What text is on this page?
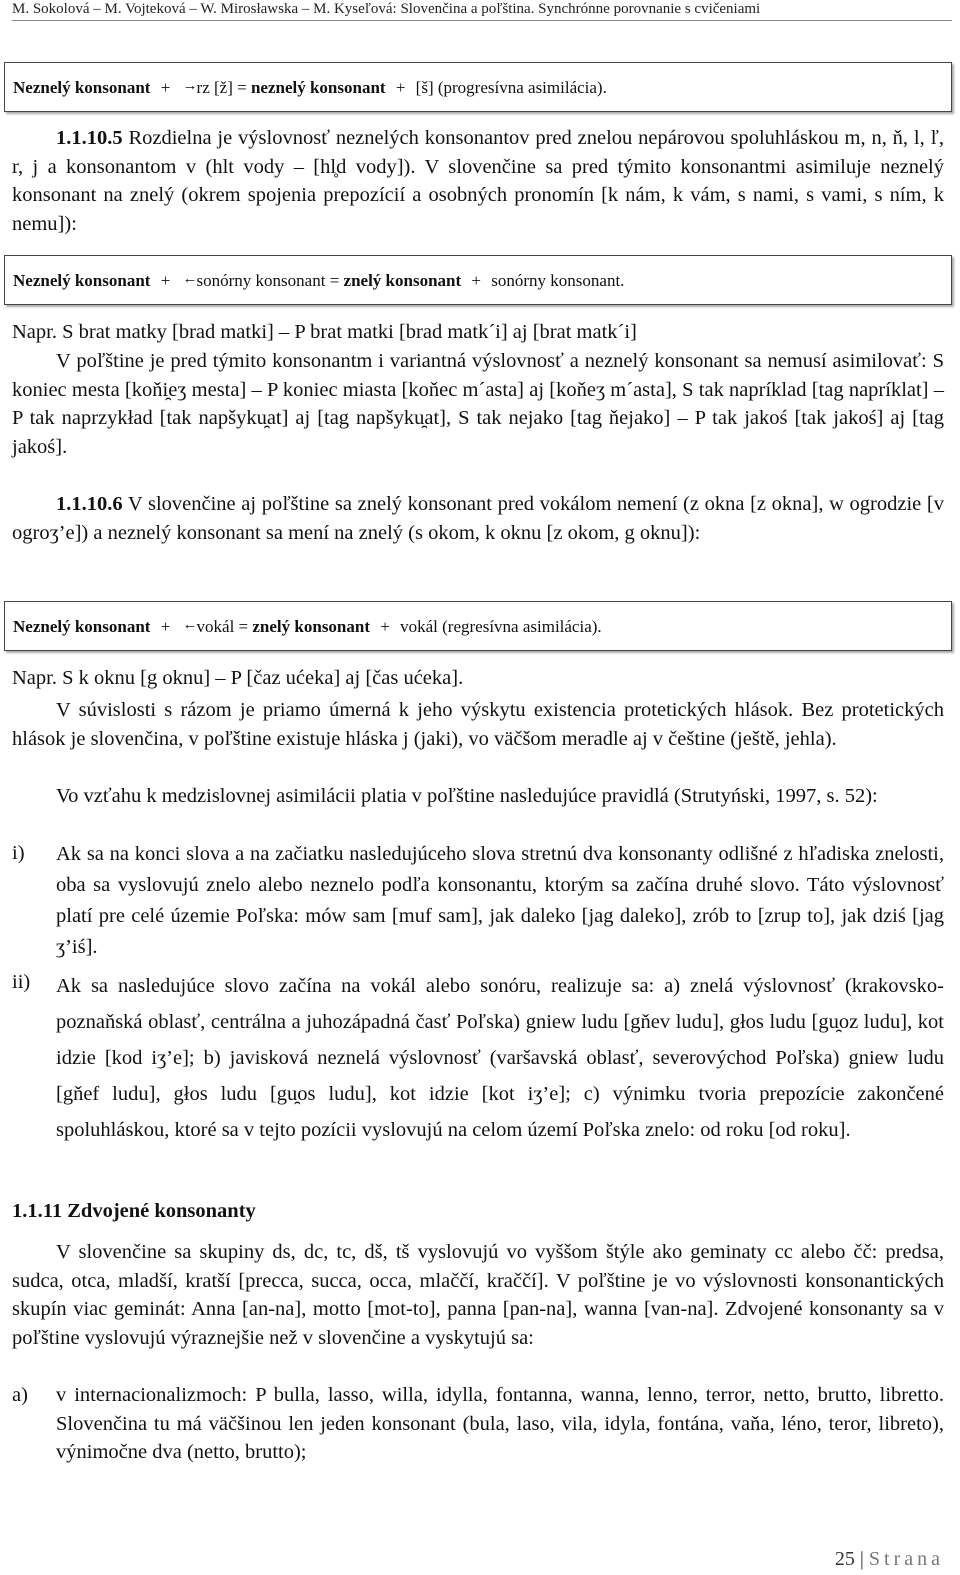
M. Sokolová – M. Vojteková – W. Mirosławska – M. Kyseľová: Slovenčina a poľština. Synchrónne porovnanie s cvičeniami
Neznelý konsonant + rz [ž] = neznelý konsonant + [š] (progresívna asimilácia).
1.1.10.5 Rozdielna je výslovnosť neznelých konsonantov pred znelou nepárovou spoluhláskou m, n, ň, l, ľ, r, j a konsonantom v (hlt vody – [hl̥d vody]). V slovenčine sa pred týmito konsonantmi asimiluje neznelý konsonant na znelý (okrem spojenia prepozícií a osobných pronomín [k nám, k vám, s nami, s vami, s ním, k nemu]):
Neznelý konsonant + sonórny konsonant = znelý konsonant + sonórny konsonant.
Napr. S brat matky [brad matki] – P brat matki [brad matk´i] aj [brat matk´i]
V poľštine je pred týmito konsonantm i variantná výslovnosť a neznelý konsonant sa nemusí asimilovať: S koniec mesta [koňi̯eʒ mesta] – P koniec miasta [koňec m´asta] aj [koňeʒ m´asta], S tak napríklad [tag napríklat] – P tak naprzykład [tak napšyku̯at] aj [tag napšyku̯at], S tak nejako [tag ňejako] – P tak jakoś [tak jakoś] aj [tag jakoś].
1.1.10.6 V slovenčine aj poľštine sa znelý konsonant pred vokálom nemení (z okna [z okna], w ogrodzie [v ogroʒ’e]) a neznelý konsonant sa mení na znelý (s okom, k oknu [z okom, g oknu]):
Neznelý konsonant + vokál = znelý konsonant + vokál (regresívna asimilácia).
Napr. S k oknu [g oknu] – P [čaz ućeka] aj [čas ućeka].
V súvislosti s rázom je priamo úmerná k jeho výskytu existencia protetických hlások. Bez protetických hlások je slovenčina, v poľštine existuje hláska j (jaki), vo väčšom meradle aj v češtine (ještě, jehla).
Vo vzťahu k medzislovnej asimilácii platia v poľštine nasledujúce pravidlá (Strutyński, 1997, s. 52):
i) Ak sa na konci slova a na začiatku nasledujúceho slova stretnú dva konsonanty odlišné z hľadiska znelosti, oba sa vyslovujú znelo alebo neznelo podľa konsonantu, ktorým sa začína druhé slovo. Táto výslovnosť platí pre celé územie Poľska: mów sam [muf sam], jak daleko [jag daleko], zrób to [zrup to], jak dziś [jag ʒ’iś].
ii) Ak sa nasledujúce slovo začína na vokál alebo sonóru, realizuje sa: a) znelá výslovnosť (krakovsko-poznaňská oblasť, centrálna a juhozápadná časť Poľska) gniew ludu [gňev ludu], głos ludu [gu̯oz ludu], kot idzie [kod iʒ’e]; b) javisková neznelá výslovnosť (varšavská oblasť, severovýchod Poľska) gniew ludu [gňef ludu], głos ludu [gu̯os ludu], kot idzie [kot iʒ’e]; c) výnimku tvoria prepozície zakončené spoluhláskou, ktoré sa v tejto pozícii vyslovujú na celom území Poľska znelo: od roku [od roku].
1.1.11 Zdvojené konsonanty
V slovenčine sa skupiny ds, dc, tc, dš, tš vyslovujú vo vyššom štýle ako geminaty cc alebo čč: predsa, sudca, otca, mladší, kratší [precca, succa, occa, mlaččí, kraččí]. V poľštine je vo výslovnosti konsonantických skupín viac geminát: Anna [an-na], motto [mot-to], panna [pan-na], wanna [van-na]. Zdvojené konsonanty sa v poľštine vyslovujú výraznejšie než v slovenčine a vyskytujú sa:
a) v internacionalizmoch: P bulla, lasso, willa, idylla, fontanna, wanna, lenno, terror, netto, brutto, libretto. Slovenčina tu má väčšinou len jeden konsonant (bula, laso, vila, idyla, fontána, vaňa, léno, teror, libreto), výnimočne dva (netto, brutto);
25 | Strana
